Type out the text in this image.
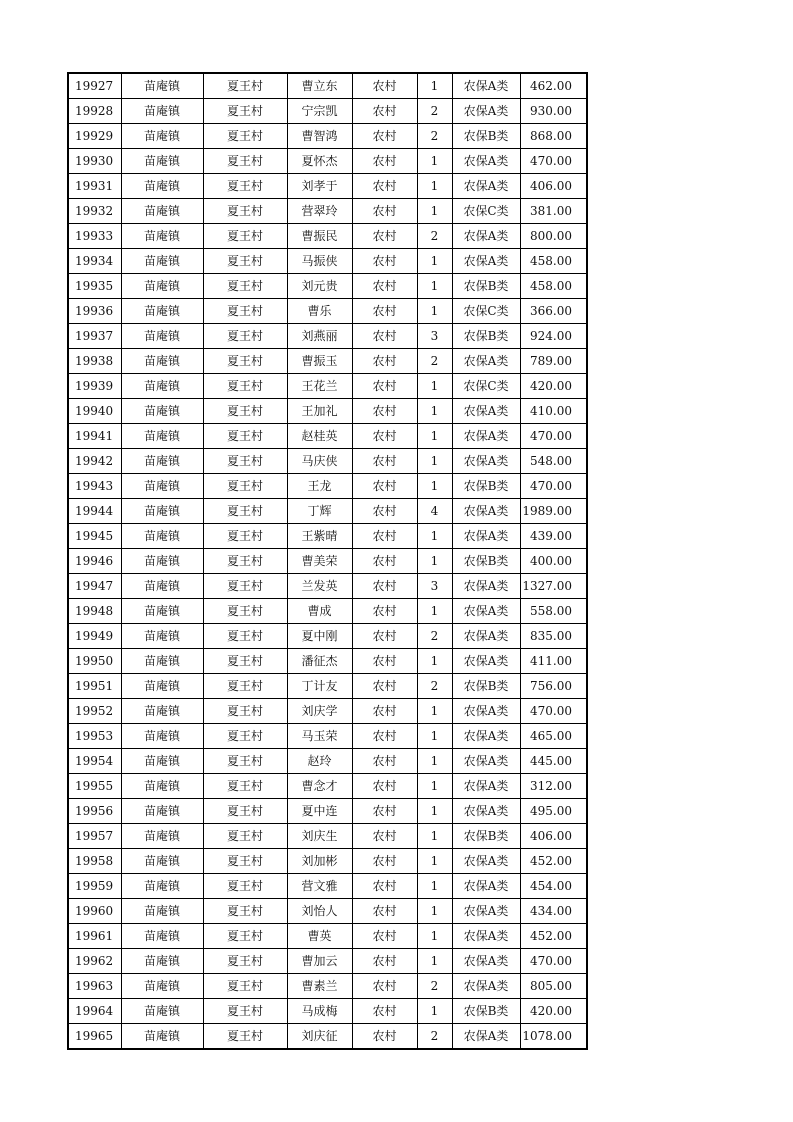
19927	苗庵镇	夏王村	曹立东	农村	1	农保A类	462.00
19928	苗庵镇	夏王村	宁宗凯	农村	2	农保A类	930.00
19929	苗庵镇	夏王村	曹智鸿	农村	2	农保B类	868.00
19930	苗庵镇	夏王村	夏怀杰	农村	1	农保A类	470.00
19931	苗庵镇	夏王村	刘孝于	农村	1	农保A类	406.00
19932	苗庵镇	夏王村	营翠玲	农村	1	农保C类	381.00
19933	苗庵镇	夏王村	曹振民	农村	2	农保A类	800.00
19934	苗庵镇	夏王村	马振侠	农村	1	农保A类	458.00
19935	苗庵镇	夏王村	刘元贵	农村	1	农保B类	458.00
19936	苗庵镇	夏王村	曹乐	农村	1	农保C类	366.00
19937	苗庵镇	夏王村	刘燕丽	农村	3	农保B类	924.00
19938	苗庵镇	夏王村	曹振玉	农村	2	农保A类	789.00
19939	苗庵镇	夏王村	王花兰	农村	1	农保C类	420.00
19940	苗庵镇	夏王村	王加礼	农村	1	农保A类	410.00
19941	苗庵镇	夏王村	赵桂英	农村	1	农保A类	470.00
19942	苗庵镇	夏王村	马庆侠	农村	1	农保A类	548.00
19943	苗庵镇	夏王村	王龙	农村	1	农保B类	470.00
19944	苗庵镇	夏王村	丁辉	农村	4	农保A类	1989.00
19945	苗庵镇	夏王村	王紫晴	农村	1	农保A类	439.00
19946	苗庵镇	夏王村	曹美荣	农村	1	农保B类	400.00
19947	苗庵镇	夏王村	兰发英	农村	3	农保A类	1327.00
19948	苗庵镇	夏王村	曹成	农村	1	农保A类	558.00
19949	苗庵镇	夏王村	夏中刚	农村	2	农保A类	835.00
19950	苗庵镇	夏王村	潘征杰	农村	1	农保A类	411.00
19951	苗庵镇	夏王村	丁计友	农村	2	农保B类	756.00
19952	苗庵镇	夏王村	刘庆学	农村	1	农保A类	470.00
19953	苗庵镇	夏王村	马玉荣	农村	1	农保A类	465.00
19954	苗庵镇	夏王村	赵玲	农村	1	农保A类	445.00
19955	苗庵镇	夏王村	曹念才	农村	1	农保A类	312.00
19956	苗庵镇	夏王村	夏中连	农村	1	农保A类	495.00
19957	苗庵镇	夏王村	刘庆生	农村	1	农保B类	406.00
19958	苗庵镇	夏王村	刘加彬	农村	1	农保A类	452.00
19959	苗庵镇	夏王村	营文雅	农村	1	农保A类	454.00
19960	苗庵镇	夏王村	刘怡人	农村	1	农保A类	434.00
19961	苗庵镇	夏王村	曹英	农村	1	农保A类	452.00
19962	苗庵镇	夏王村	曹加云	农村	1	农保A类	470.00
19963	苗庵镇	夏王村	曹素兰	农村	2	农保A类	805.00
19964	苗庵镇	夏王村	马成梅	农村	1	农保B类	420.00
19965	苗庵镇	夏王村	刘庆征	农村	2	农保A类	1078.00
